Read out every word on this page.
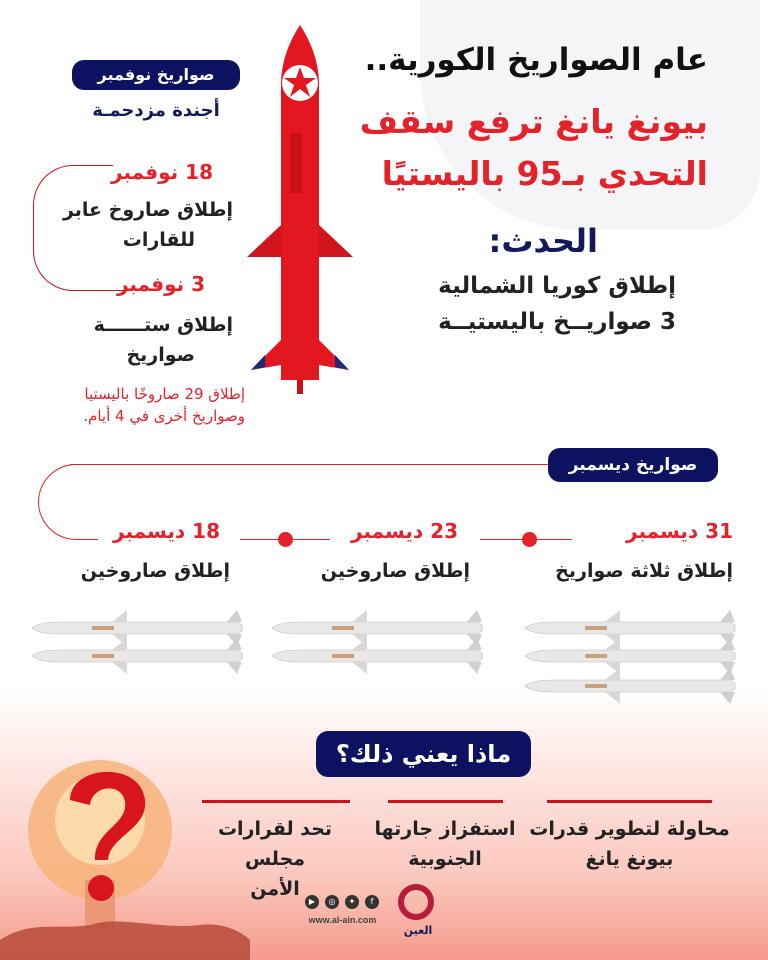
عام الصواريخ الكورية..
بيونغ يانغ ترفع سقف
التحدي بـ95 باليستيًا
الحدث:
إطلاق كوريا الشمالية
3 صواريــخ باليستيــة
صواريخ نوفمبر
أجندة مزدحمـة
18 نوفمبر
إطلاق صاروخ عابر
للقارات
3 نوفمبر
إطلاق ستــــــة
صواريخ
إطلاق 29 صاروخًا باليستيا
وصواريخ أخرى في 4 أيام.
صواريخ ديسمبر
31 ديسمبر
إطلاق ثلاثة صواريخ
23 ديسمبر
إطلاق صاروخين
18 ديسمبر
إطلاق صاروخين
ماذا يعني ذلك؟
محاولة لتطوير قدرات
بيونغ يانغ
استفزاز جارتها
الجنوبية
تحد لقرارات مجلس
الأمن
▶	◎	✦	f
www.al-ain.com
العين
